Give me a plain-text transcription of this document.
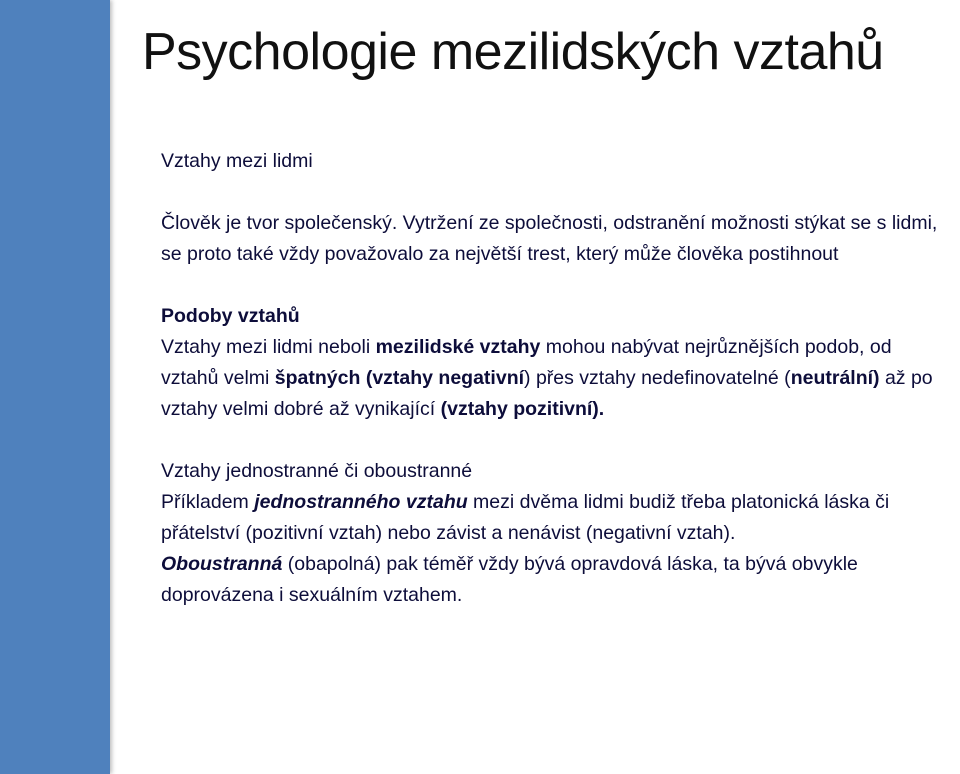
Psychologie mezilidských vztahů

Vztahy mezi lidmi

Člověk je tvor společenský. Vytržení ze společnosti, odstranění možnosti stýkat se s lidmi, se proto také vždy považovalo za největší trest, který může člověka postihnout

Podoby vztahů

Vztahy mezi lidmi neboli mezilidské vztahy mohou nabývat nejrůznějších podob, od vztahů velmi špatných (vztahy negativní) přes vztahy nedefinovatelné (neutrální) až po vztahy velmi dobré až vynikající (vztahy pozitivní).

Vztahy jednostranné či oboustranné

Příkladem jednostranného vztahu mezi dvěma lidmi budiž třeba platonická láska či přátelství (pozitivní vztah) nebo závist a nenávist (negativní vztah).

Oboustranná (obapolná) pak téměř vždy bývá opravdová láska, ta bývá obvykle doprovázena i sexuálním vztahem.
